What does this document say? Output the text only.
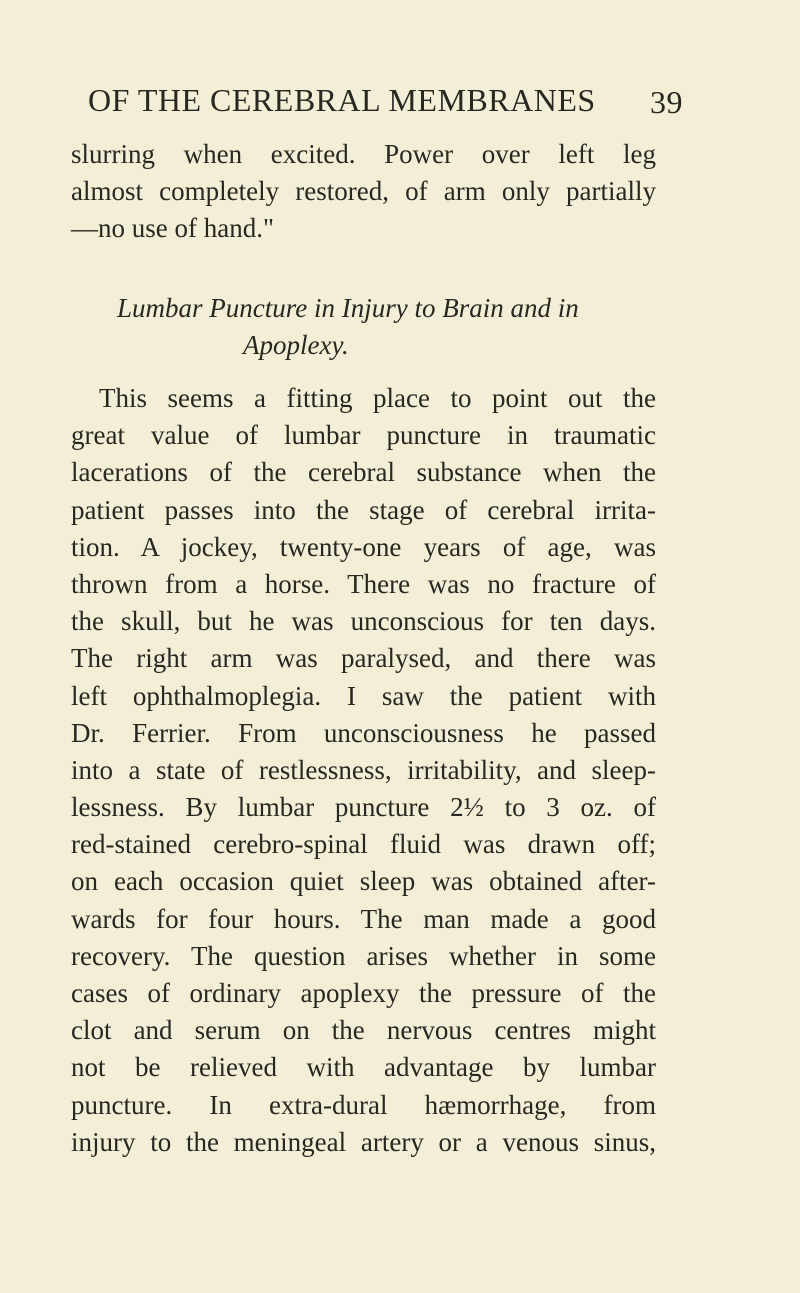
OF THE CEREBRAL MEMBRANES 39
slurring when excited. Power over left leg
almost completely restored, of arm only partially
—no use of hand."
Lumbar Puncture in Injury to Brain and in
Apoplexy.
This seems a fitting place to point out the
great value of lumbar puncture in traumatic
lacerations of the cerebral substance when the
patient passes into the stage of cerebral irrita-
tion. A jockey, twenty-one years of age, was
thrown from a horse. There was no fracture of
the skull, but he was unconscious for ten days.
The right arm was paralysed, and there was
left ophthalmoplegia. I saw the patient with
Dr. Ferrier. From unconsciousness he passed
into a state of restlessness, irritability, and sleep-
lessness. By lumbar puncture 2½ to 3 oz. of
red-stained cerebro-spinal fluid was drawn off;
on each occasion quiet sleep was obtained after-
wards for four hours. The man made a good
recovery. The question arises whether in some
cases of ordinary apoplexy the pressure of the
clot and serum on the nervous centres might
not be relieved with advantage by lumbar
puncture. In extra-dural hæmorrhage, from
injury to the meningeal artery or a venous sinus,
